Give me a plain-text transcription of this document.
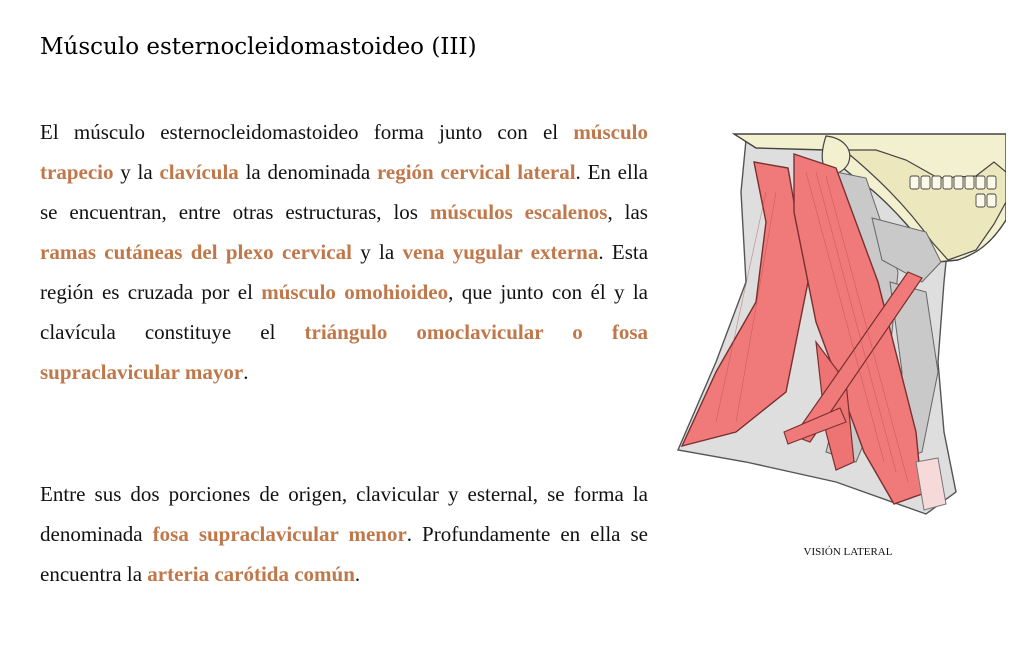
Músculo esternocleidomastoideo (III)

El músculo esternocleidomastoideo forma junto con el músculo trapecio y la clavícula la denominada región cervical lateral. En ella se encuentran, entre otras estructuras, los músculos escalenos, las ramas cutáneas del plexo cervical y la vena yugular externa. Esta región es cruzada por el músculo omohioideo, que junto con él y la clavícula constituye el triángulo omoclavicular o fosa supraclavicular mayor.

Entre sus dos porciones de origen, clavicular y esternal, se forma la denominada fosa supraclavicular menor. Profundamente en ella se encuentra la arteria carótida común.

VISIÓN LATERAL
